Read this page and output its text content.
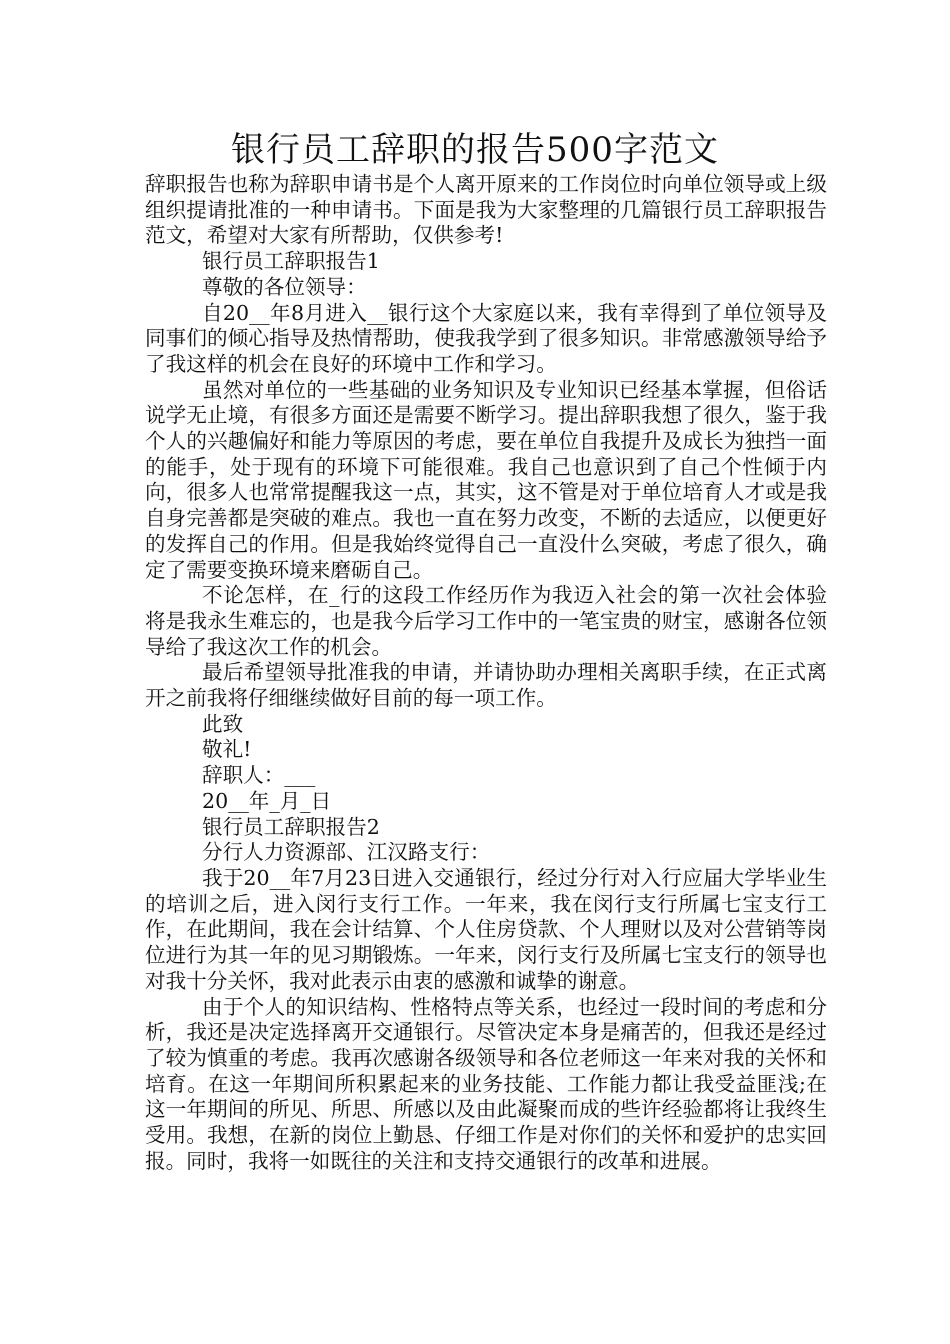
银行员工辞职的报告500字范文

辞职报告也称为辞职申请书是个人离开原来的工作岗位时向单位领导或上级组织提请批准的一种申请书。下面是我为大家整理的几篇银行员工辞职报告范文，希望对大家有所帮助，仅供参考!

银行员工辞职报告1

尊敬的各位领导：

自20__年8月进入__银行这个大家庭以来，我有幸得到了单位领导及同事们的倾心指导及热情帮助，使我我学到了很多知识。非常感激领导给予了我这样的机会在良好的环境中工作和学习。

虽然对单位的一些基础的业务知识及专业知识已经基本掌握，但俗话说学无止境，有很多方面还是需要不断学习。提出辞职我想了很久，鉴于我个人的兴趣偏好和能力等原因的考虑，要在单位自我提升及成长为独挡一面的能手，处于现有的环境下可能很难。我自己也意识到了自己个性倾于内向，很多人也常常提醒我这一点，其实，这不管是对于单位培育人才或是我自身完善都是突破的难点。我也一直在努力改变，不断的去适应，以便更好的发挥自己的作用。但是我始终觉得自己一直没什么突破，考虑了很久，确定了需要变换环境来磨砺自己。

不论怎样，在_行的这段工作经历作为我迈入社会的第一次社会体验将是我永生难忘的，也是我今后学习工作中的一笔宝贵的财宝，感谢各位领导给了我这次工作的机会。

最后希望领导批准我的申请，并请协助办理相关离职手续，在正式离开之前我将仔细继续做好目前的每一项工作。

此致

敬礼!

辞职人：___

20__年_月_日

银行员工辞职报告2

分行人力资源部、江汉路支行：

我于20__年7月23日进入交通银行，经过分行对入行应届大学毕业生的培训之后，进入闵行支行工作。一年来，我在闵行支行所属七宝支行工作，在此期间，我在会计结算、个人住房贷款、个人理财以及对公营销等岗位进行为其一年的见习期锻炼。一年来，闵行支行及所属七宝支行的领导也对我十分关怀，我对此表示由衷的感激和诚挚的谢意。

由于个人的知识结构、性格特点等关系，也经过一段时间的考虑和分析，我还是决定选择离开交通银行。尽管决定本身是痛苦的，但我还是经过了较为慎重的考虑。我再次感谢各级领导和各位老师这一年来对我的关怀和培育。在这一年期间所积累起来的业务技能、工作能力都让我受益匪浅;在这一年期间的所见、所思、所感以及由此凝聚而成的些许经验都将让我终生受用。我想，在新的岗位上勤恳、仔细工作是对你们的关怀和爱护的忠实回报。同时，我将一如既往的关注和支持交通银行的改革和进展。
